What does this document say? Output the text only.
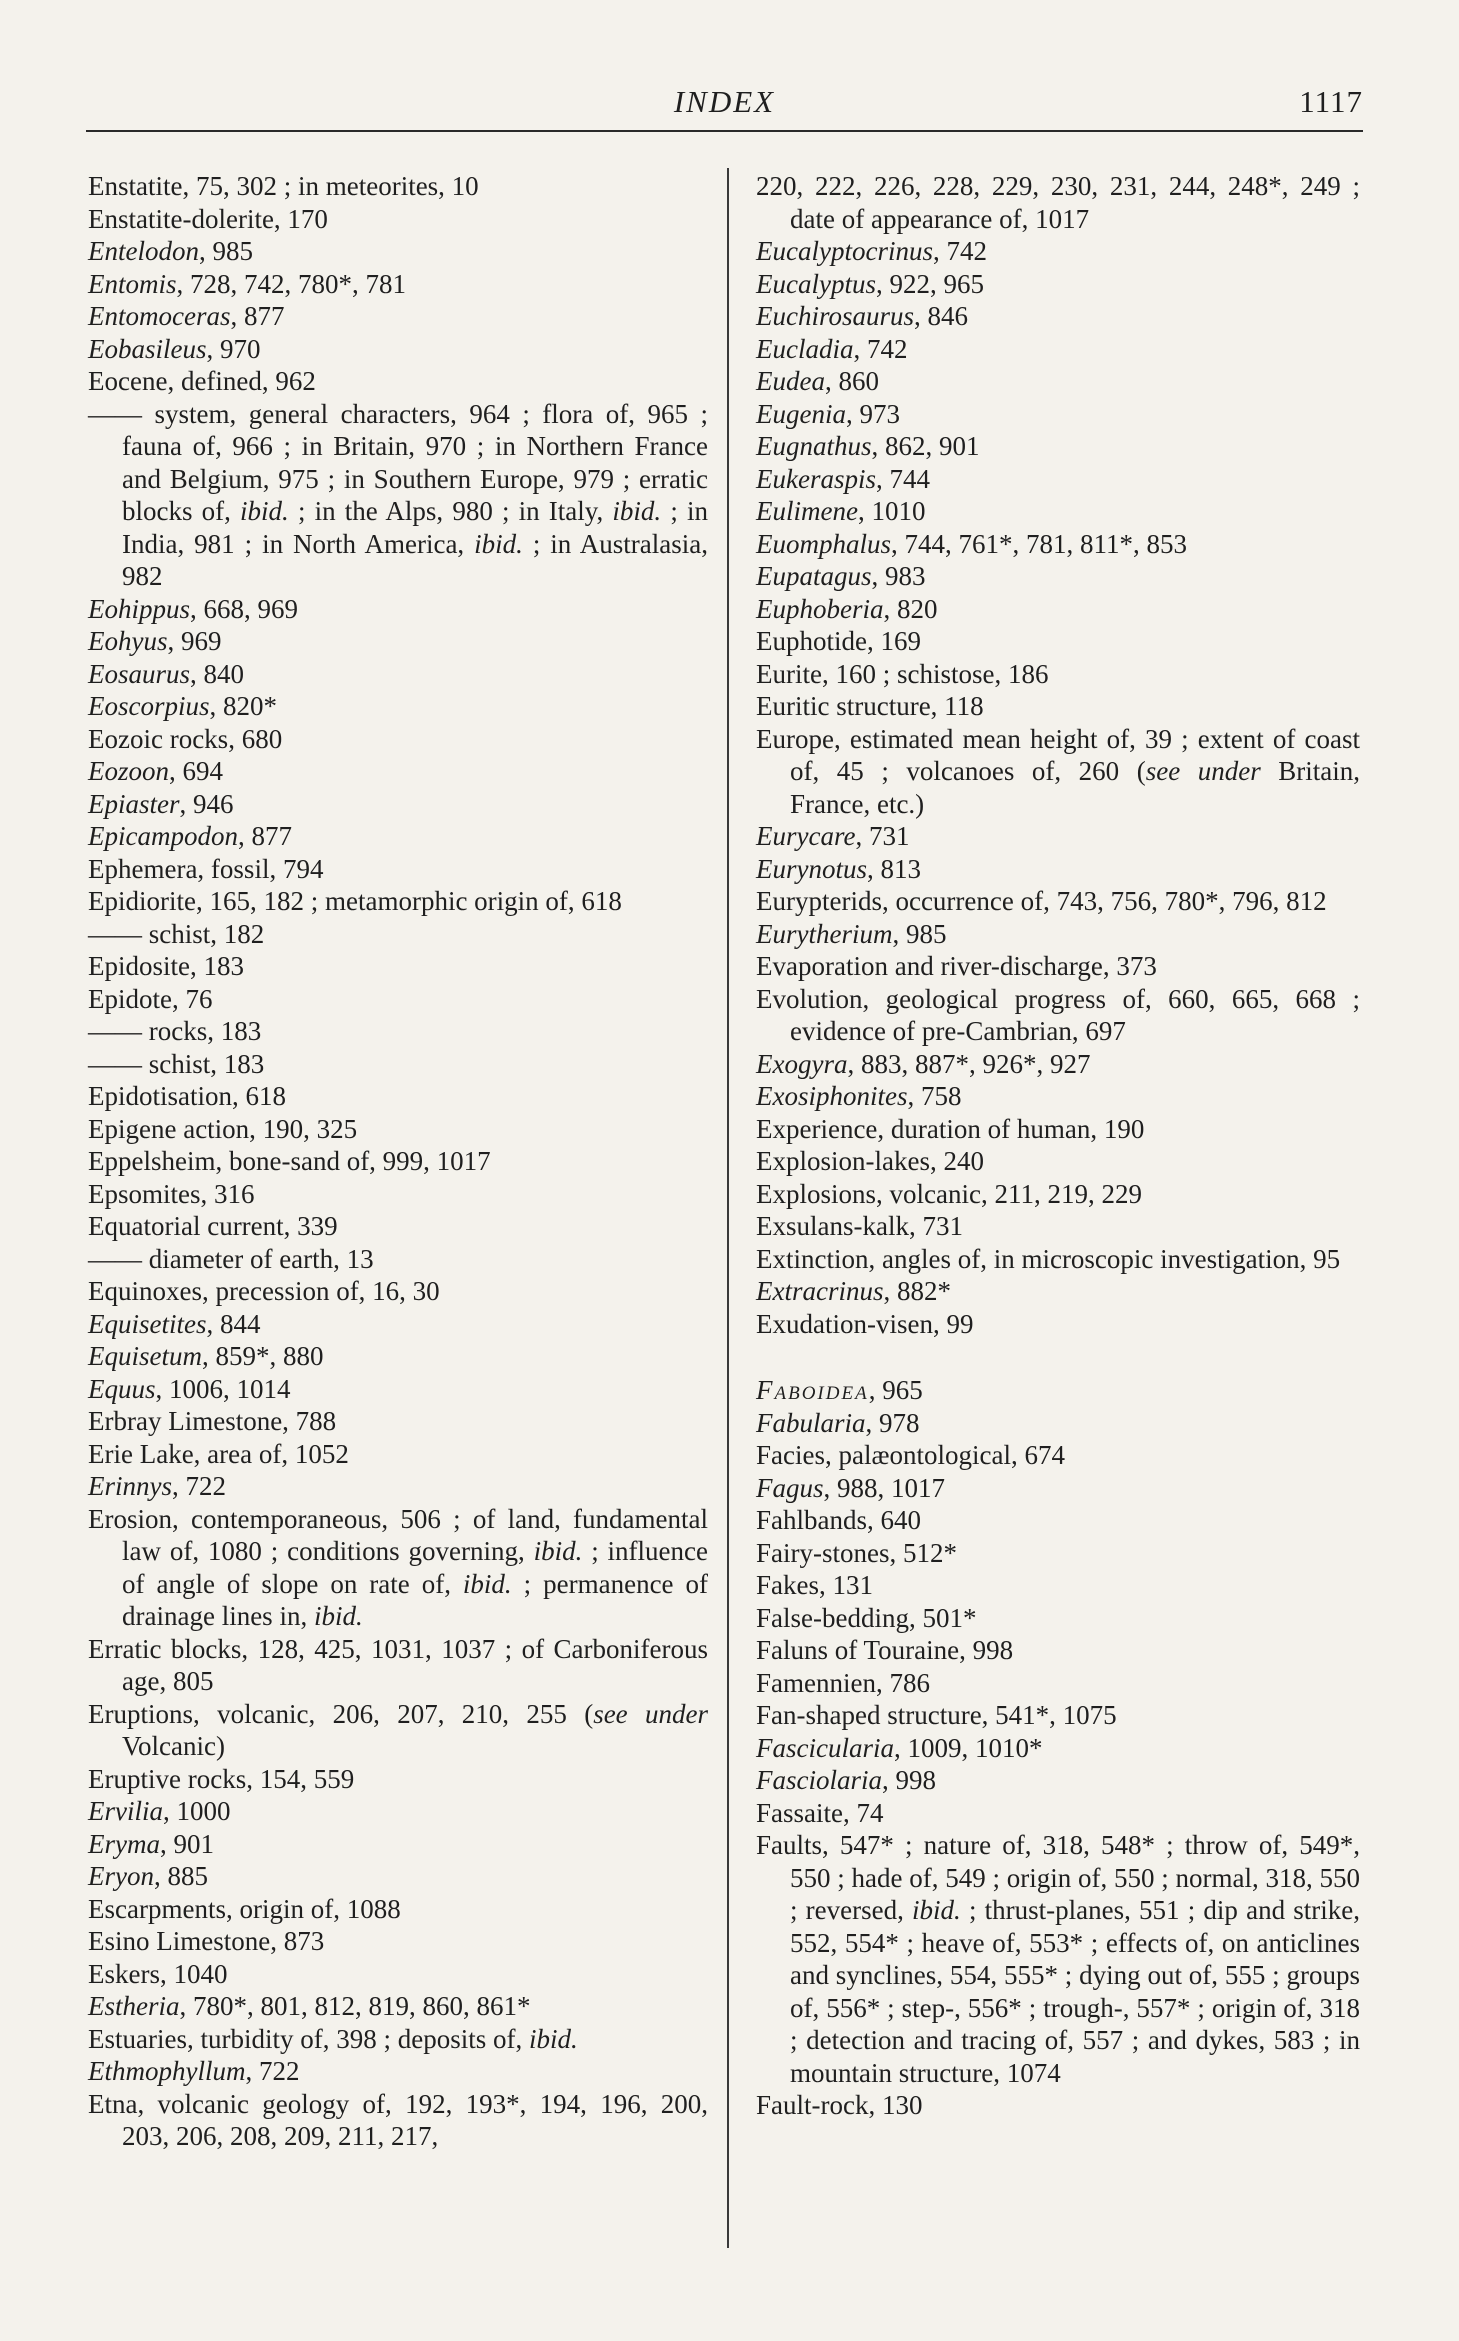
INDEX	1117
Enstatite, 75, 302 ; in meteorites, 10
Enstatite-dolerite, 170
Entelodon, 985
Entomis, 728, 742, 780*, 781
Entomoceras, 877
Eobasileus, 970
Eocene, defined, 962
—— system, general characters, 964 ; flora of, 965 ; fauna of, 966 ; in Britain, 970 ; in Northern France and Belgium, 975 ; in Southern Europe, 979 ; erratic blocks of, ibid. ; in the Alps, 980 ; in Italy, ibid. ; in India, 981 ; in North America, ibid. ; in Australasia, 982
Eohippus, 668, 969
Eohyus, 969
Eosaurus, 840
Eoscorpius, 820*
Eozoic rocks, 680
Eozoon, 694
Epiaster, 946
Epicampodon, 877
Ephemera, fossil, 794
Epidiorite, 165, 182 ; metamorphic origin of, 618
—— schist, 182
Epidosite, 183
Epidote, 76
—— rocks, 183
—— schist, 183
Epidotisation, 618
Epigene action, 190, 325
Eppelsheim, bone-sand of, 999, 1017
Epsomites, 316
Equatorial current, 339
—— diameter of earth, 13
Equinoxes, precession of, 16, 30
Equisetites, 844
Equisetum, 859*, 880
Equus, 1006, 1014
Erbray Limestone, 788
Erie Lake, area of, 1052
Erinnys, 722
Erosion, contemporaneous, 506 ; of land, fundamental law of, 1080 ; conditions governing, ibid. ; influence of angle of slope on rate of, ibid. ; permanence of drainage lines in, ibid.
Erratic blocks, 128, 425, 1031, 1037 ; of Carboniferous age, 805
Eruptions, volcanic, 206, 207, 210, 255 (see under Volcanic)
Eruptive rocks, 154, 559
Ervilia, 1000
Eryma, 901
Eryon, 885
Escarpments, origin of, 1088
Esino Limestone, 873
Eskers, 1040
Estheria, 780*, 801, 812, 819, 860, 861*
Estuaries, turbidity of, 398 ; deposits of, ibid.
Ethmophyllum, 722
Etna, volcanic geology of, 192, 193*, 194, 196, 200, 203, 206, 208, 209, 211, 217,
220, 222, 226, 228, 229, 230, 231, 244, 248*, 249 ; date of appearance of, 1017
Eucalyptocrinus, 742
Eucalyptus, 922, 965
Euchirosaurus, 846
Eucladia, 742
Eudea, 860
Eugenia, 973
Eugnathus, 862, 901
Eukeraspis, 744
Eulimene, 1010
Euomphalus, 744, 761*, 781, 811*, 853
Eupatagus, 983
Euphoberia, 820
Euphotide, 169
Eurite, 160 ; schistose, 186
Euritic structure, 118
Europe, estimated mean height of, 39 ; extent of coast of, 45 ; volcanoes of, 260 (see under Britain, France, etc.)
Eurycare, 731
Eurynotus, 813
Eurypterids, occurrence of, 743, 756, 780*, 796, 812
Eurytherium, 985
Evaporation and river-discharge, 373
Evolution, geological progress of, 660, 665, 668 ; evidence of pre-Cambrian, 697
Exogyra, 883, 887*, 926*, 927
Exosiphonites, 758
Experience, duration of human, 190
Explosion-lakes, 240
Explosions, volcanic, 211, 219, 229
Exsulans-kalk, 731
Extinction, angles of, in microscopic investigation, 95
Extracrinus, 882*
Exudation-visen, 99
Faboidea, 965
Fabularia, 978
Facies, palæontological, 674
Fagus, 988, 1017
Fahlbands, 640
Fairy-stones, 512*
Fakes, 131
False-bedding, 501*
Faluns of Touraine, 998
Famennien, 786
Fan-shaped structure, 541*, 1075
Fascicularia, 1009, 1010*
Fasciolaria, 998
Fassaite, 74
Faults, 547* ; nature of, 318, 548* ; throw of, 549*, 550 ; hade of, 549 ; origin of, 550 ; normal, 318, 550 ; reversed, ibid. ; thrust-planes, 551 ; dip and strike, 552, 554* ; heave of, 553* ; effects of, on anticlines and synclines, 554, 555* ; dying out of, 555 ; groups of, 556* ; step-, 556* ; trough-, 557* ; origin of, 318 ; detection and tracing of, 557 ; and dykes, 583 ; in mountain structure, 1074
Fault-rock, 130
